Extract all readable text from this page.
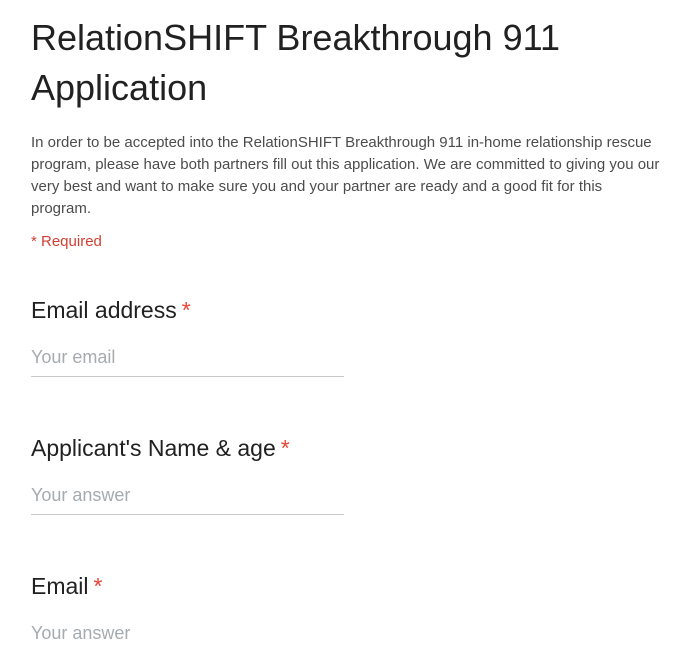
RelationSHIFT Breakthrough 911 Application

In order to be accepted into the RelationSHIFT Breakthrough 911 in-home relationship rescue program, please have both partners fill out this application. We are committed to giving you our very best and want to make sure you and your partner are ready and a good fit for this program.

* Required
Email address *
Your email
Applicant's Name & age *
Your answer
Email *
Your answer
